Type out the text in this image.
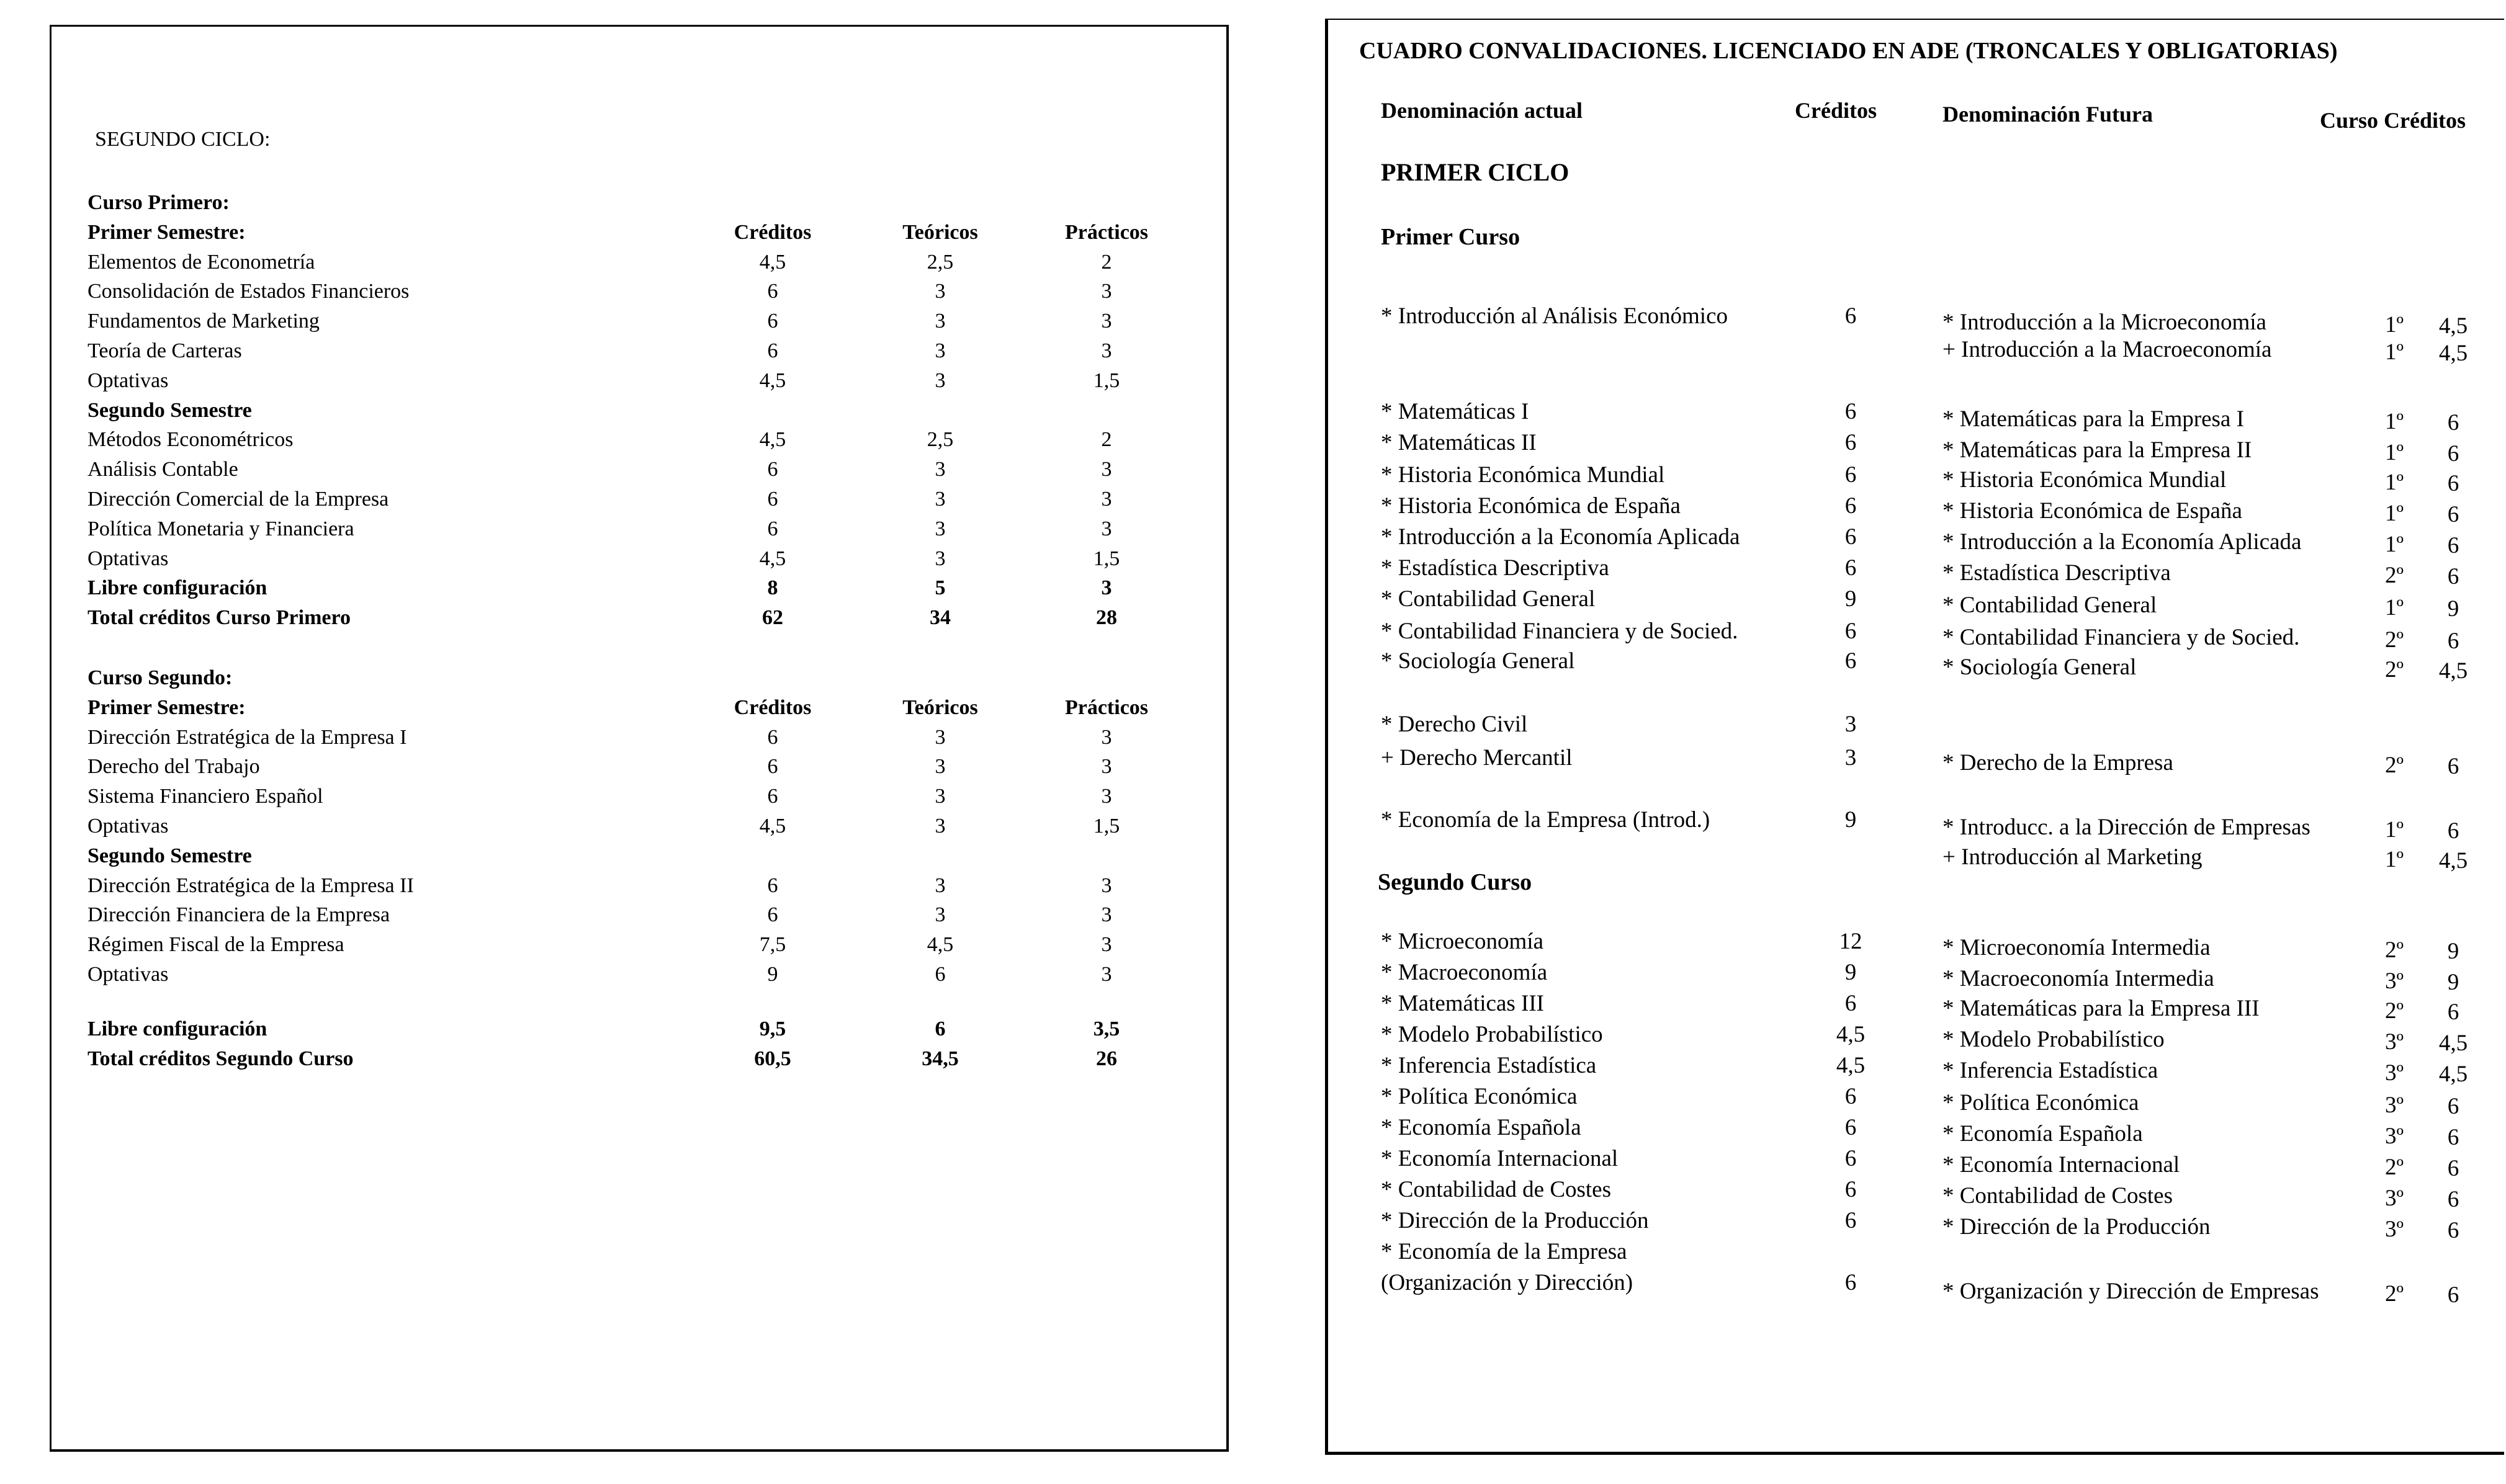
SEGUNDO CICLO:
Curso Primero:
Primer Semestre:	Créditos	Teóricos	Prácticos
Elementos de Econometría	4,5	2,5	2
Consolidación de Estados Financieros	6	3	3
Fundamentos de Marketing	6	3	3
Teoría de Carteras	6	3	3
Optativas	4,5	3	1,5
Segundo Semestre
Métodos Econométricos	4,5	2,5	2
Análisis Contable	6	3	3
Dirección Comercial de la Empresa	6	3	3
Política Monetaria y Financiera	6	3	3
Optativas	4,5	3	1,5
Libre configuración	8	5	3
Total créditos Curso Primero	62	34	28
Curso Segundo:
Primer Semestre:	Créditos	Teóricos	Prácticos
Dirección Estratégica de la Empresa I	6	3	3
Derecho del Trabajo	6	3	3
Sistema Financiero Español	6	3	3
Optativas	4,5	3	1,5
Segundo Semestre
Dirección Estratégica de la Empresa II	6	3	3
Dirección Financiera de la Empresa	6	3	3
Régimen Fiscal de la Empresa	7,5	4,5	3
Optativas	9	6	3
Libre configuración	9,5	6	3,5
Total créditos Segundo Curso	60,5	34,5	26
CUADRO CONVALIDACIONES. LICENCIADO EN ADE (TRONCALES Y OBLIGATORIAS)
Denominación actual	Créditos	Denominación Futura	Curso Créditos
PRIMER CICLO
Primer Curso
Segundo Curso
* Introducción al Análisis Económico	6	* Introducción a la Microeconomía	1º	4,5
+ Introducción a la Macroeconomía	1º	4,5
* Matemáticas I	6	* Matemáticas para la Empresa I	1º	6
* Matemáticas II	6	* Matemáticas para la Empresa II	1º	6
* Historia Económica Mundial	6	* Historia Económica Mundial	1º	6
* Historia Económica de España	6	* Historia Económica de España	1º	6
* Introducción a la Economía Aplicada	6	* Introducción a la Economía Aplicada	1º	6
* Estadística Descriptiva	6	* Estadística Descriptiva	2º	6
* Contabilidad General	9	* Contabilidad General	1º	9
* Contabilidad Financiera y de Socied.	6	* Contabilidad Financiera y de Socied.	2º	6
* Sociología General	6	* Sociología General	2º	4,5
* Derecho Civil	3
+ Derecho Mercantil	3	* Derecho de la Empresa	2º	6
* Economía de la Empresa (Introd.)	9	* Introducc. a la Dirección de Empresas	1º	6
+ Introducción al Marketing	1º	4,5
* Microeconomía	12	* Microeconomía Intermedia	2º	9
* Macroeconomía	9	* Macroeconomía Intermedia	3º	9
* Matemáticas III	6	* Matemáticas para la Empresa III	2º	6
* Modelo Probabilístico	4,5	* Modelo Probabilístico	3º	4,5
* Inferencia Estadística	4,5	* Inferencia Estadística	3º	4,5
* Política Económica	6	* Política Económica	3º	6
* Economía Española	6	* Economía Española	3º	6
* Economía Internacional	6	* Economía Internacional	2º	6
* Contabilidad de Costes	6	* Contabilidad de Costes	3º	6
* Dirección de la Producción	6	* Dirección de la Producción	3º	6
* Economía de la Empresa
(Organización y Dirección)	6	* Organización y Dirección de Empresas	2º	6
